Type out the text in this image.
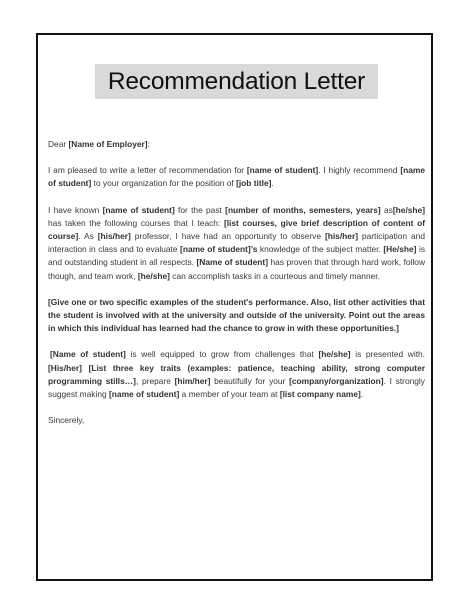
Recommendation Letter

Dear [Name of Employer]:

I am pleased to write a letter of recommendation for [name of student]. I highly recommend [name of student] to your organization for the position of [job title].

I have known [name of student] for the past [number of months, semesters, years] as[he/she] has taken the following courses that I teach: [list courses, give brief description of content of course]. As [his/her] professor, I have had an opportunity to observe [his/her] participation and interaction in class and to evaluate [name of student]’s knowledge of the subject matter. [He/she] is and outstanding student in all respects. [Name of student] has proven that through hard work, follow though, and team work, [he/she] can accomplish tasks in a courteous and timely manner.

[Give one or two specific examples of the student's performance. Also, list other activities that the student is involved with at the university and outside of the university. Point out the areas in which this individual has learned had the chance to grow in with these opportunities.]

[Name of student] is well equipped to grow from challenges that [he/she] is presented with. [His/her] [List three key traits (examples: patience, teaching ability, strong computer programming stills…], prepare [him/her] beautifully for your [company/organization]. I strongly suggest making [name of student] a member of your team at [list company name].

Sincerely,
